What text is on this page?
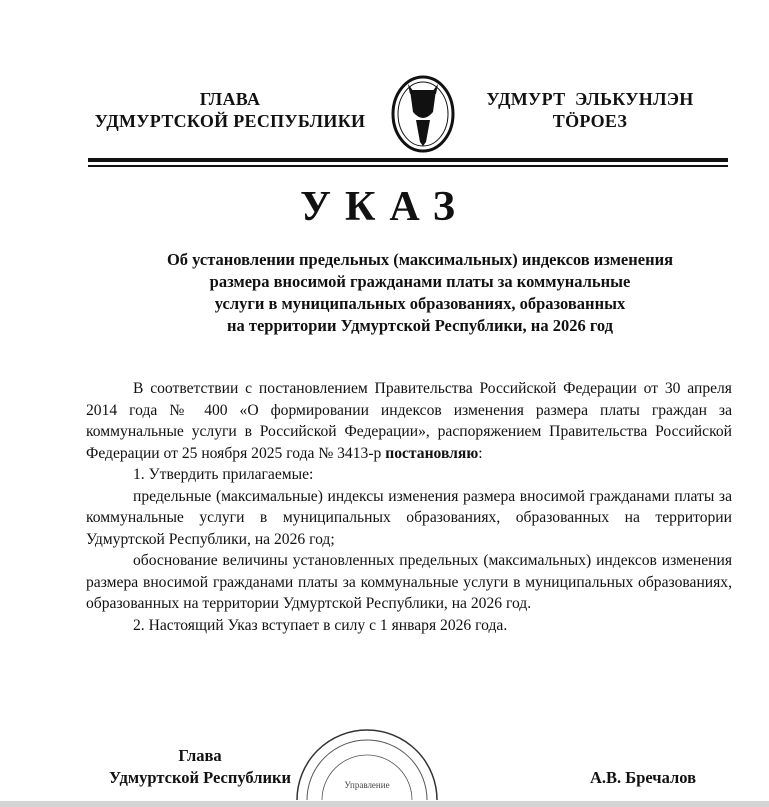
ГЛАВА
УДМУРТСКОЙ РЕСПУБЛИКИ
УДМУРТ  ЭЛЬКУНЛЭН
ТӦРОЕЗ
УКАЗ
Об установлении предельных (максимальных) индексов изменения
размера вносимой гражданами платы за коммунальные
услуги в муниципальных образованиях, образованных
на территории Удмуртской Республики, на 2026 год

В соответствии с постановлением Правительства Российской Федерации от 30 апреля 2014 года № 400 «О формировании индексов изменения размера платы граждан за коммунальные услуги в Российской Федерации», распоряжением Правительства Российской Федерации от 25 ноября 2025 года № 3413-р постановляю:

1. Утвердить прилагаемые:

предельные (максимальные) индексы изменения размера вносимой гражданами платы за коммунальные услуги в муниципальных образованиях, образованных на территории Удмуртской Республики, на 2026 год;

обоснование величины установленных предельных (максимальных) индексов изменения размера вносимой гражданами платы за коммунальные услуги в муниципальных образованиях, образованных на территории Удмуртской Республики, на 2026 год.

2. Настоящий Указ вступает в силу с 1 января 2026 года.

Глава
Удмуртской Республики	Управление	А.В. Бречалов
